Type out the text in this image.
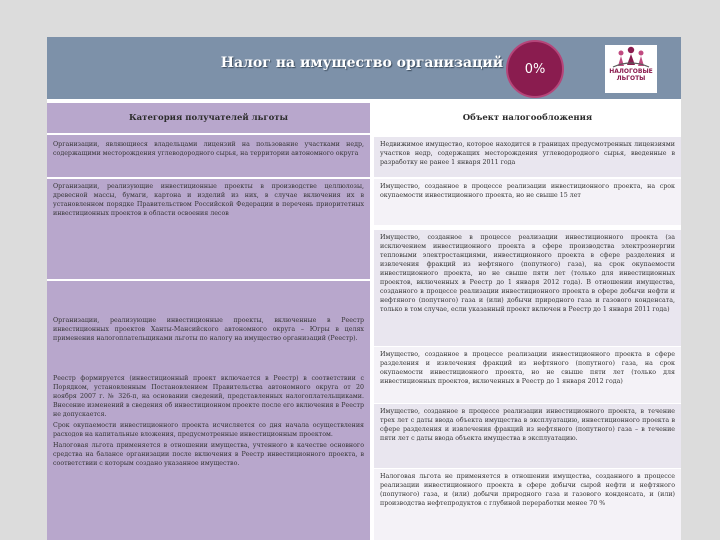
Налог на имущество организаций	0%	НАЛОГОВЫЕ
ЛЬГОТЫ
Категория получателей льготы
Организации, являющиеся владельцами лицензий на пользование участками недр, содержащими месторождения углеводородного сырья, на территории автономного округа
Организации, реализующие инвестиционные проекты в производстве целлюлозы, древесной массы, бумаги, картона и изделий из них, в случае включения их в установленном порядке Правительством Российской Федерации в перечень приоритетных инвестиционных проектов в области освоения лесов
Организации, реализующие инвестиционные проекты, включенные в Реестр инвестиционных проектов Ханты-Мансийского автономного округа – Югры в целях применения налогоплательщиками льготы по налогу на имущество организаций (Реестр).

Реестр формируется (инвестиционный проект включается в Реестр) в соответствии с Порядком, установленным Постановлением Правительства автономного округа от 20 ноября 2007 г. № 326-п, на основании сведений, представленных налогоплательщиками. Внесение изменений в сведения об инвестиционном проекте после его включения в Реестр не допускается.

Срок окупаемости инвестиционного проекта исчисляется со дня начала осуществления расходов на капитальные вложения, предусмотренные инвестиционным проектом.

Налоговая льгота применяется в отношении имущества, учтенного в качестве основного средства на балансе организации после включения в Реестр инвестиционного проекта, в соответствии с которым создано указанное имущество.

Объект налогообложения
Недвижимое имущество, которое находится в границах предусмотренных лицензиями участков недр, содержащих месторождения углеводородного сырья, введенные в разработку не ранее 1 января 2011 года
Имущество, созданное в процессе реализации инвестиционного проекта, на срок окупаемости инвестиционного проекта, но не свыше 15 лет
Имущество, созданное в процессе реализации инвестиционного проекта (за исключением инвестиционного проекта в сфере производства электроэнергии тепловыми электростанциями, инвестиционного проекта в сфере разделения и извлечения фракций из нефтяного (попутного) газа), на срок окупаемости инвестиционного проекта, но не свыше пяти лет (только для инвестиционных проектов, включенных в Реестр до 1 января 2012 года). В отношении имущества, созданного в процессе реализации инвестиционного проекта в сфере добычи нефти и нефтяного (попутного) газа и (или) добычи природного газа и газового конденсата, только в том случае, если указанный проект включен в Реестр до 1 января 2011 года)
Имущество, созданное в процессе реализации инвестиционного проекта в сфере разделения и извлечения фракций из нефтяного (попутного) газа, на срок окупаемости инвестиционного проекта, но не свыше пяти лет (только для инвестиционных проектов, включенных в Реестр до 1 января 2012 года)
Имущество, созданное в процессе реализации инвестиционного проекта, в течение трех лет с даты ввода объекта имущества в эксплуатацию, инвестиционного проекта в сфере разделения и извлечения фракций из нефтяного (попутного) газа – в течение пяти лет с даты ввода объекта имущества в эксплуатацию.
Налоговая льгота не применяется в отношении имущества, созданного в процессе реализации инвестиционного проекта в сфере добычи сырой нефти и нефтяного (попутного) газа, и (или) добычи природного газа и газового конденсата, и (или) производства нефтепродуктов с глубиной переработки менее 70 %
